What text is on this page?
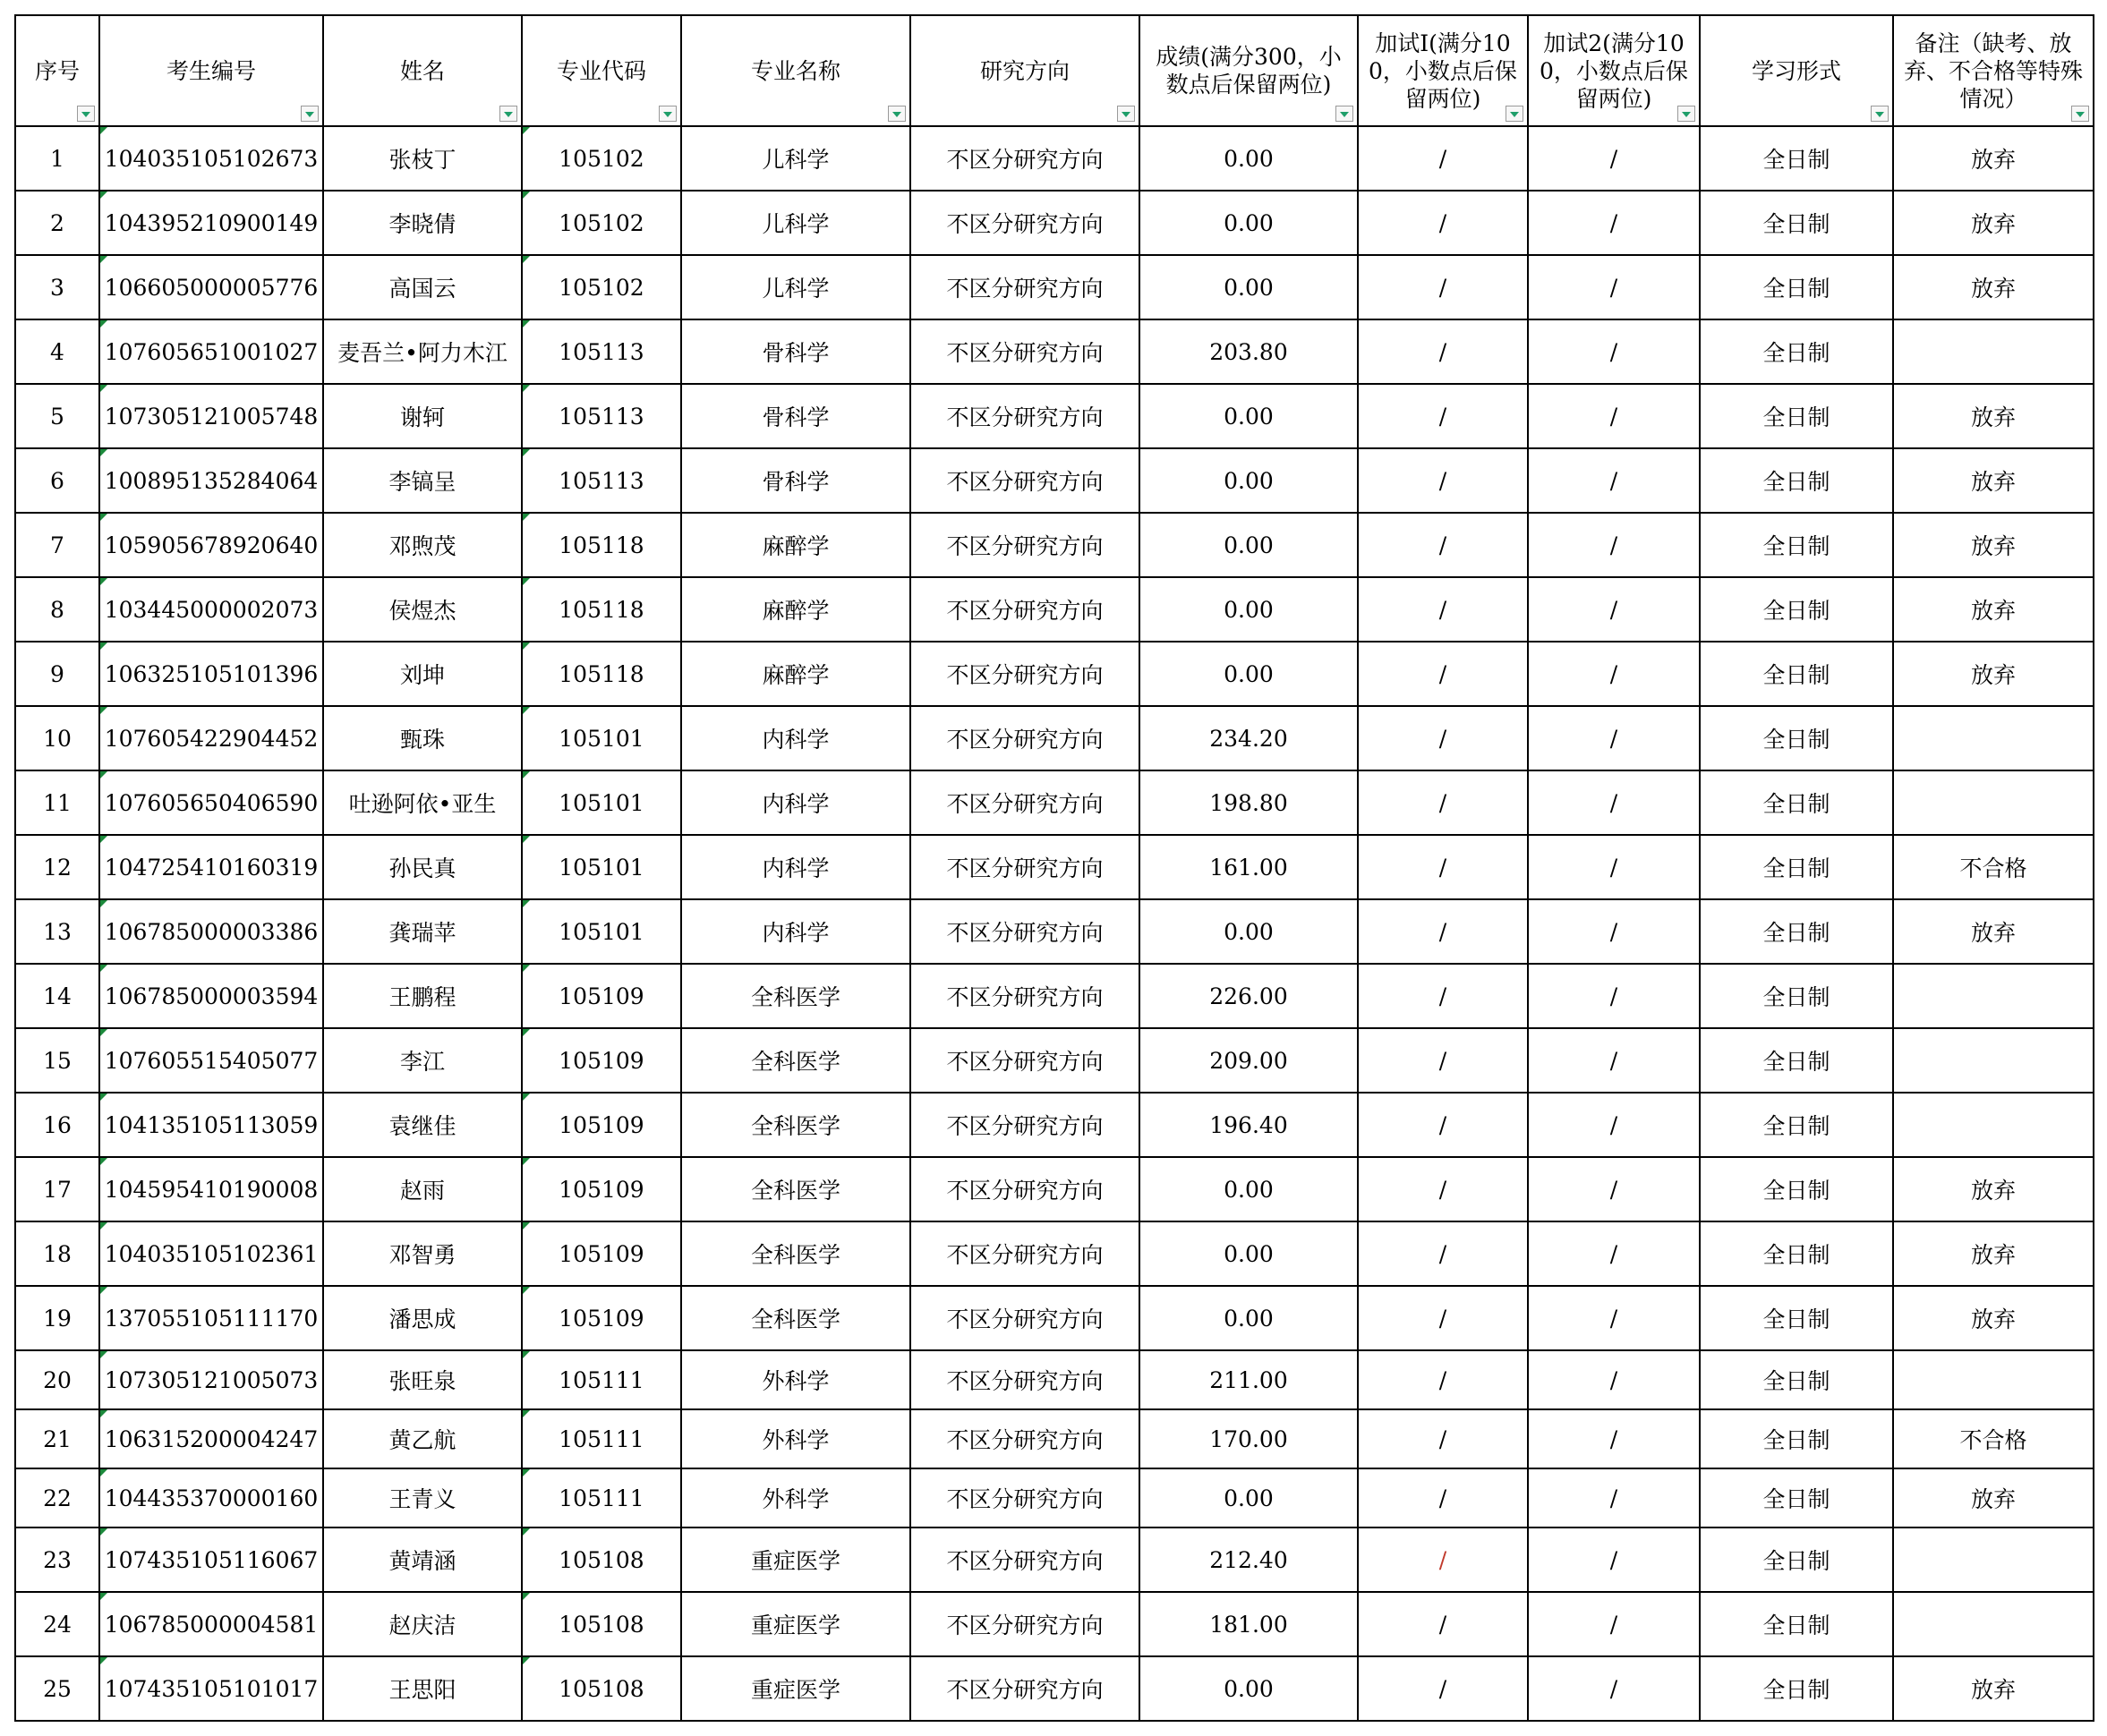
序号	考生编号	姓名	专业代码	专业名称	研究方向	成绩(满分300，小数点后保留两位)	加试I(满分100，小数点后保留两位)	加试2(满分100，小数点后保留两位)	学习形式	备注（缺考、放弃、不合格等特殊情况）

1	104035105102673	张枝丁	105102	儿科学	不区分研究方向	0.00	/	/	全日制	放弃
2	104395210900149	李晓倩	105102	儿科学	不区分研究方向	0.00	/	/	全日制	放弃
3	106605000005776	高国云	105102	儿科学	不区分研究方向	0.00	/	/	全日制	放弃
4	107605651001027	麦吾兰•阿力木江	105113	骨科学	不区分研究方向	203.80	/	/	全日制	
5	107305121005748	谢轲	105113	骨科学	不区分研究方向	0.00	/	/	全日制	放弃
6	100895135284064	李镐呈	105113	骨科学	不区分研究方向	0.00	/	/	全日制	放弃
7	105905678920640	邓煦茂	105118	麻醉学	不区分研究方向	0.00	/	/	全日制	放弃
8	103445000002073	侯煜杰	105118	麻醉学	不区分研究方向	0.00	/	/	全日制	放弃
9	106325105101396	刘坤	105118	麻醉学	不区分研究方向	0.00	/	/	全日制	放弃
10	107605422904452	甄珠	105101	内科学	不区分研究方向	234.20	/	/	全日制	
11	107605650406590	吐逊阿依•亚生	105101	内科学	不区分研究方向	198.80	/	/	全日制	
12	104725410160319	孙民真	105101	内科学	不区分研究方向	161.00	/	/	全日制	不合格
13	106785000003386	龚瑞苹	105101	内科学	不区分研究方向	0.00	/	/	全日制	放弃
14	106785000003594	王鹏程	105109	全科医学	不区分研究方向	226.00	/	/	全日制	
15	107605515405077	李江	105109	全科医学	不区分研究方向	209.00	/	/	全日制	
16	104135105113059	袁继佳	105109	全科医学	不区分研究方向	196.40	/	/	全日制	
17	104595410190008	赵雨	105109	全科医学	不区分研究方向	0.00	/	/	全日制	放弃
18	104035105102361	邓智勇	105109	全科医学	不区分研究方向	0.00	/	/	全日制	放弃
19	137055105111170	潘思成	105109	全科医学	不区分研究方向	0.00	/	/	全日制	放弃
20	107305121005073	张旺泉	105111	外科学	不区分研究方向	211.00	/	/	全日制	
21	106315200004247	黄乙航	105111	外科学	不区分研究方向	170.00	/	/	全日制	不合格
22	104435370000160	王青义	105111	外科学	不区分研究方向	0.00	/	/	全日制	放弃
23	107435105116067	黄靖涵	105108	重症医学	不区分研究方向	212.40	/	/	全日制	
24	106785000004581	赵庆洁	105108	重症医学	不区分研究方向	181.00	/	/	全日制	
25	107435105101017	王思阳	105108	重症医学	不区分研究方向	0.00	/	/	全日制	放弃
